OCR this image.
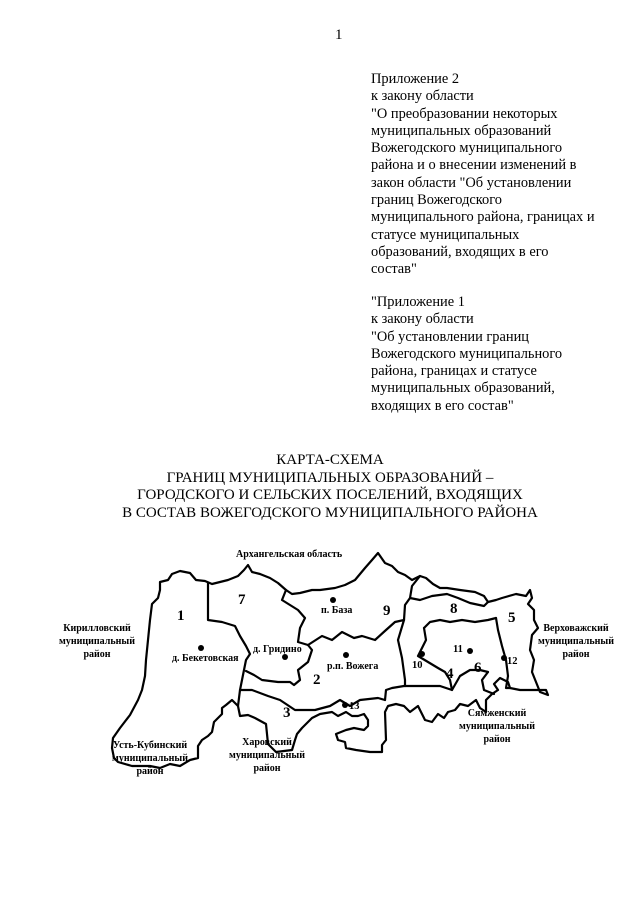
1
Приложение 2
к закону области
"О преобразовании некоторых
муниципальных образований
Вожегодского муниципального
района и о внесении изменений в
закон области "Об установлении
границ Вожегодского
муниципального района, границах и
статусе муниципальных
образований, входящих в его
состав"
"Приложение 1
к закону области
"Об установлении границ
Вожегодского муниципального
района, границах и статусе
муниципальных образований,
входящих в его состав"
КАРТА-СХЕМА
ГРАНИЦ МУНИЦИПАЛЬНЫХ ОБРАЗОВАНИЙ –
ГОРОДСКОГО И СЕЛЬСКИХ ПОСЕЛЕНИЙ, ВХОДЯЩИХ
В СОСТАВ ВОЖЕГОДСКОГО МУНИЦИПАЛЬНОГО РАЙОНА
1
2
3
4
5
6
7
8
9
10
11
12
13
д. Бекетовская
д. Гридино
п. База
р.п. Вожега
Архангельская область
Кирилловский
муниципальный
район
Верховажский
муниципальный
район
Усть-Кубинский
муниципальный
район
Харовский
муниципальный
район
Сямженский
муниципальный
район
